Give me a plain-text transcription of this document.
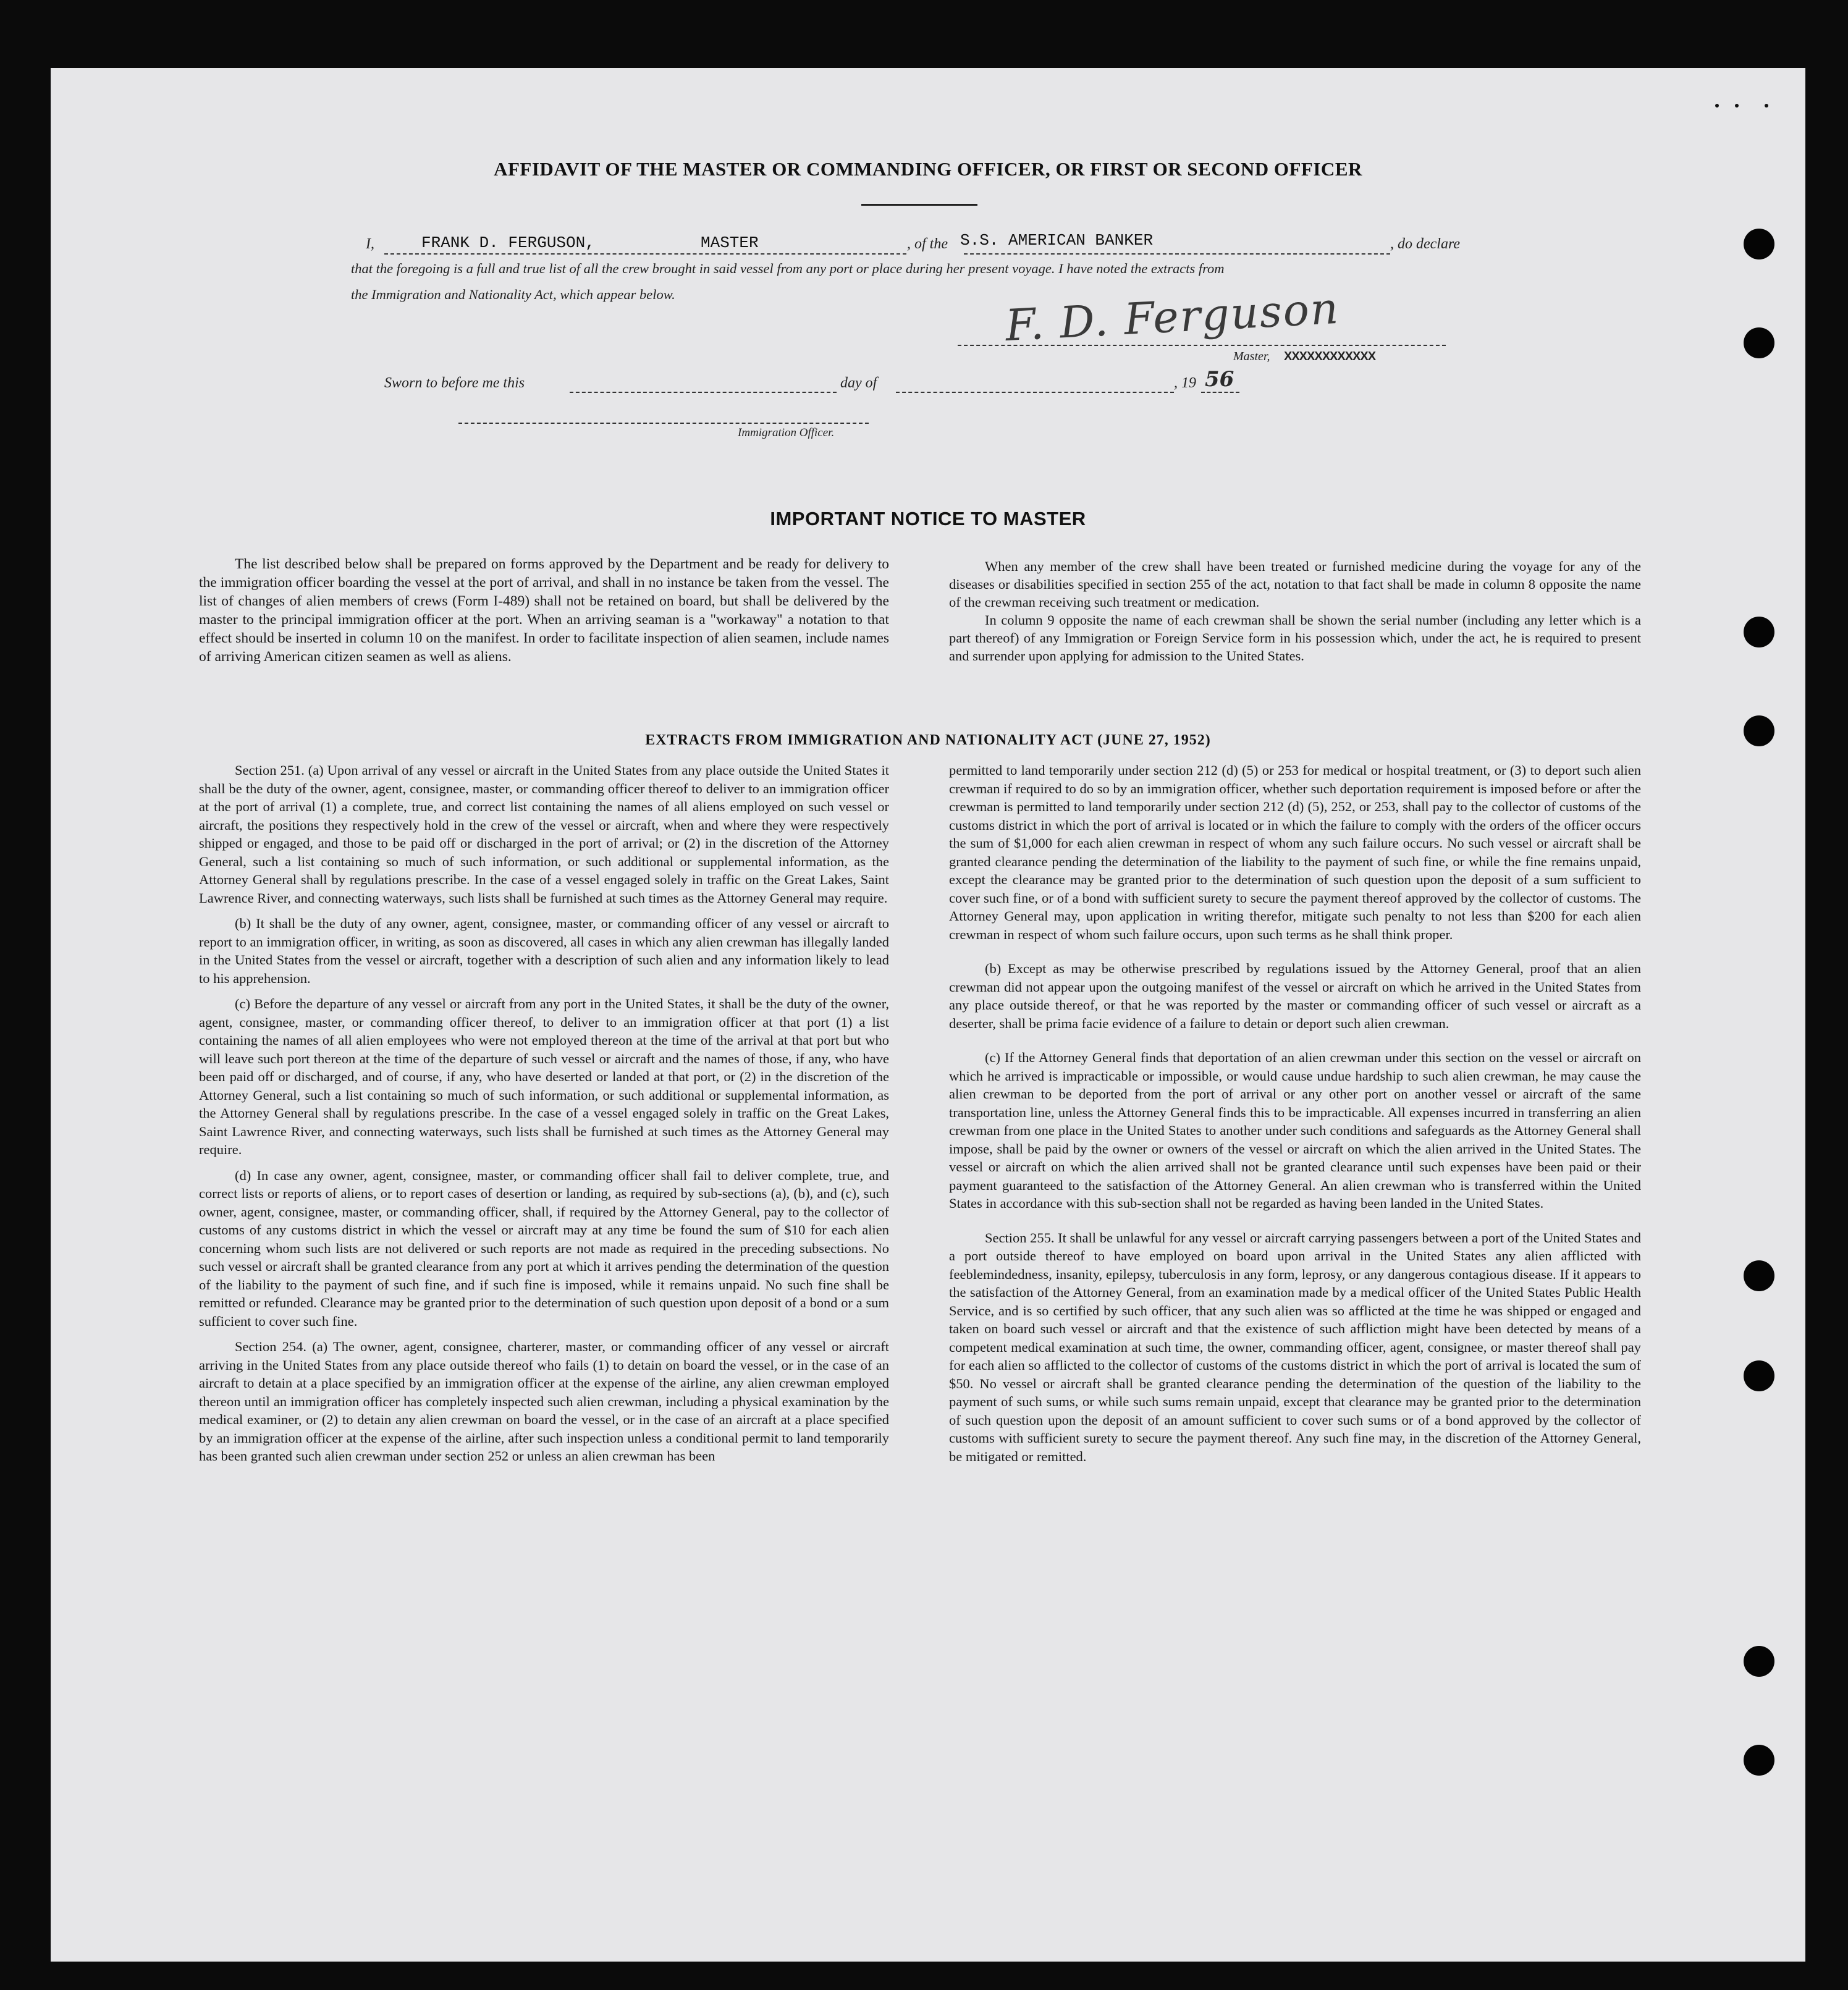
AFFIDAVIT OF THE MASTER OR COMMANDING OFFICER, OR FIRST OR SECOND OFFICER
I,	FRANK D. FERGUSON,	MASTER	, of the S.S. AMERICAN BANKER	, do declare
that the foregoing is a full and true list of all the crew brought in said vessel from any port or place during her present voyage. I have noted the extracts from
the Immigration and Nationality Act, which appear below.	F. D. Ferguson
Master, XXXXXXXXXXXX
Sworn to before me this	day of	, 19 56
Immigration Officer.
IMPORTANT NOTICE TO MASTER

The list described below shall be prepared on forms approved by the Department and be ready for delivery to the immigration officer boarding the vessel at the port of arrival, and shall in no instance be taken from the vessel. The list of changes of alien members of crews (Form I-489) shall not be retained on board, but shall be delivered by the master to the principal immigration officer at the port. When an arriving seaman is a "workaway" a notation to that effect should be inserted in column 10 on the manifest. In order to facilitate inspection of alien seamen, include names of arriving American citizen seamen as well as aliens.

When any member of the crew shall have been treated or furnished medicine during the voyage for any of the diseases or disabilities specified in section 255 of the act, notation to that fact shall be made in column 8 opposite the name of the crewman receiving such treatment or medication.

In column 9 opposite the name of each crewman shall be shown the serial number (including any letter which is a part thereof) of any Immigration or Foreign Service form in his possession which, under the act, he is required to present and surrender upon applying for admission to the United States.

EXTRACTS FROM IMMIGRATION AND NATIONALITY ACT (JUNE 27, 1952)

Section 251. (a) Upon arrival of any vessel or aircraft in the United States from any place outside the United States it shall be the duty of the owner, agent, consignee, master, or commanding officer thereof to deliver to an immigration officer at the port of arrival (1) a complete, true, and correct list containing the names of all aliens employed on such vessel or aircraft, the positions they respectively hold in the crew of the vessel or aircraft, when and where they were respectively shipped or engaged, and those to be paid off or discharged in the port of arrival; or (2) in the discretion of the Attorney General, such a list containing so much of such information, or such additional or supplemental information, as the Attorney General shall by regulations prescribe. In the case of a vessel engaged solely in traffic on the Great Lakes, Saint Lawrence River, and connecting waterways, such lists shall be furnished at such times as the Attorney General may require.

(b) It shall be the duty of any owner, agent, consignee, master, or commanding officer of any vessel or aircraft to report to an immigration officer, in writing, as soon as discovered, all cases in which any alien crewman has illegally landed in the United States from the vessel or aircraft, together with a description of such alien and any information likely to lead to his apprehension.

(c) Before the departure of any vessel or aircraft from any port in the United States, it shall be the duty of the owner, agent, consignee, master, or commanding officer thereof, to deliver to an immigration officer at that port (1) a list containing the names of all alien employees who were not employed thereon at the time of the arrival at that port but who will leave such port thereon at the time of the departure of such vessel or aircraft and the names of those, if any, who have been paid off or discharged, and of course, if any, who have deserted or landed at that port, or (2) in the discretion of the Attorney General, such a list containing so much of such information, or such additional or supplemental information, as the Attorney General shall by regulations prescribe. In the case of a vessel engaged solely in traffic on the Great Lakes, Saint Lawrence River, and connecting waterways, such lists shall be furnished at such times as the Attorney General may require.

(d) In case any owner, agent, consignee, master, or commanding officer shall fail to deliver complete, true, and correct lists or reports of aliens, or to report cases of desertion or landing, as required by sub-sections (a), (b), and (c), such owner, agent, consignee, master, or commanding officer, shall, if required by the Attorney General, pay to the collector of customs of any customs district in which the vessel or aircraft may at any time be found the sum of $10 for each alien concerning whom such lists are not delivered or such reports are not made as required in the preceding subsections. No such vessel or aircraft shall be granted clearance from any port at which it arrives pending the determination of the question of the liability to the payment of such fine, and if such fine is imposed, while it remains unpaid. No such fine shall be remitted or refunded. Clearance may be granted prior to the determination of such question upon deposit of a bond or a sum sufficient to cover such fine.

Section 254. (a) The owner, agent, consignee, charterer, master, or commanding officer of any vessel or aircraft arriving in the United States from any place outside thereof who fails (1) to detain on board the vessel, or in the case of an aircraft to detain at a place specified by an immigration officer at the expense of the airline, any alien crewman employed thereon until an immigration officer has completely inspected such alien crewman, including a physical examination by the medical examiner, or (2) to detain any alien crewman on board the vessel, or in the case of an aircraft at a place specified by an immigration officer at the expense of the airline, after such inspection unless a conditional permit to land temporarily has been granted such alien crewman under section 252 or unless an alien crewman has been

permitted to land temporarily under section 212 (d) (5) or 253 for medical or hospital treatment, or (3) to deport such alien crewman if required to do so by an immigration officer, whether such deportation requirement is imposed before or after the crewman is permitted to land temporarily under section 212 (d) (5), 252, or 253, shall pay to the collector of customs of the customs district in which the port of arrival is located or in which the failure to comply with the orders of the officer occurs the sum of $1,000 for each alien crewman in respect of whom any such failure occurs. No such vessel or aircraft shall be granted clearance pending the determination of the liability to the payment of such fine, or while the fine remains unpaid, except the clearance may be granted prior to the determination of such question upon the deposit of a sum sufficient to cover such fine, or of a bond with sufficient surety to secure the payment thereof approved by the collector of customs. The Attorney General may, upon application in writing therefor, mitigate such penalty to not less than $200 for each alien crewman in respect of whom such failure occurs, upon such terms as he shall think proper.

(b) Except as may be otherwise prescribed by regulations issued by the Attorney General, proof that an alien crewman did not appear upon the outgoing manifest of the vessel or aircraft on which he arrived in the United States from any place outside thereof, or that he was reported by the master or commanding officer of such vessel or aircraft as a deserter, shall be prima facie evidence of a failure to detain or deport such alien crewman.

(c) If the Attorney General finds that deportation of an alien crewman under this section on the vessel or aircraft on which he arrived is impracticable or impossible, or would cause undue hardship to such alien crewman, he may cause the alien crewman to be deported from the port of arrival or any other port on another vessel or aircraft of the same transportation line, unless the Attorney General finds this to be impracticable. All expenses incurred in transferring an alien crewman from one place in the United States to another under such conditions and safeguards as the Attorney General shall impose, shall be paid by the owner or owners of the vessel or aircraft on which the alien arrived in the United States. The vessel or aircraft on which the alien arrived shall not be granted clearance until such expenses have been paid or their payment guaranteed to the satisfaction of the Attorney General. An alien crewman who is transferred within the United States in accordance with this sub-section shall not be regarded as having been landed in the United States.

Section 255. It shall be unlawful for any vessel or aircraft carrying passengers between a port of the United States and a port outside thereof to have employed on board upon arrival in the United States any alien afflicted with feeblemindedness, insanity, epilepsy, tuberculosis in any form, leprosy, or any dangerous contagious disease. If it appears to the satisfaction of the Attorney General, from an examination made by a medical officer of the United States Public Health Service, and is so certified by such officer, that any such alien was so afflicted at the time he was shipped or engaged and taken on board such vessel or aircraft and that the existence of such affliction might have been detected by means of a competent medical examination at such time, the owner, commanding officer, agent, consignee, or master thereof shall pay for each alien so afflicted to the collector of customs of the customs district in which the port of arrival is located the sum of $50. No vessel or aircraft shall be granted clearance pending the determination of the question of the liability to the payment of such sums, or while such sums remain unpaid, except that clearance may be granted prior to the determination of such question upon the deposit of an amount sufficient to cover such sums or of a bond approved by the collector of customs with sufficient surety to secure the payment thereof. Any such fine may, in the discretion of the Attorney General, be mitigated or remitted.
